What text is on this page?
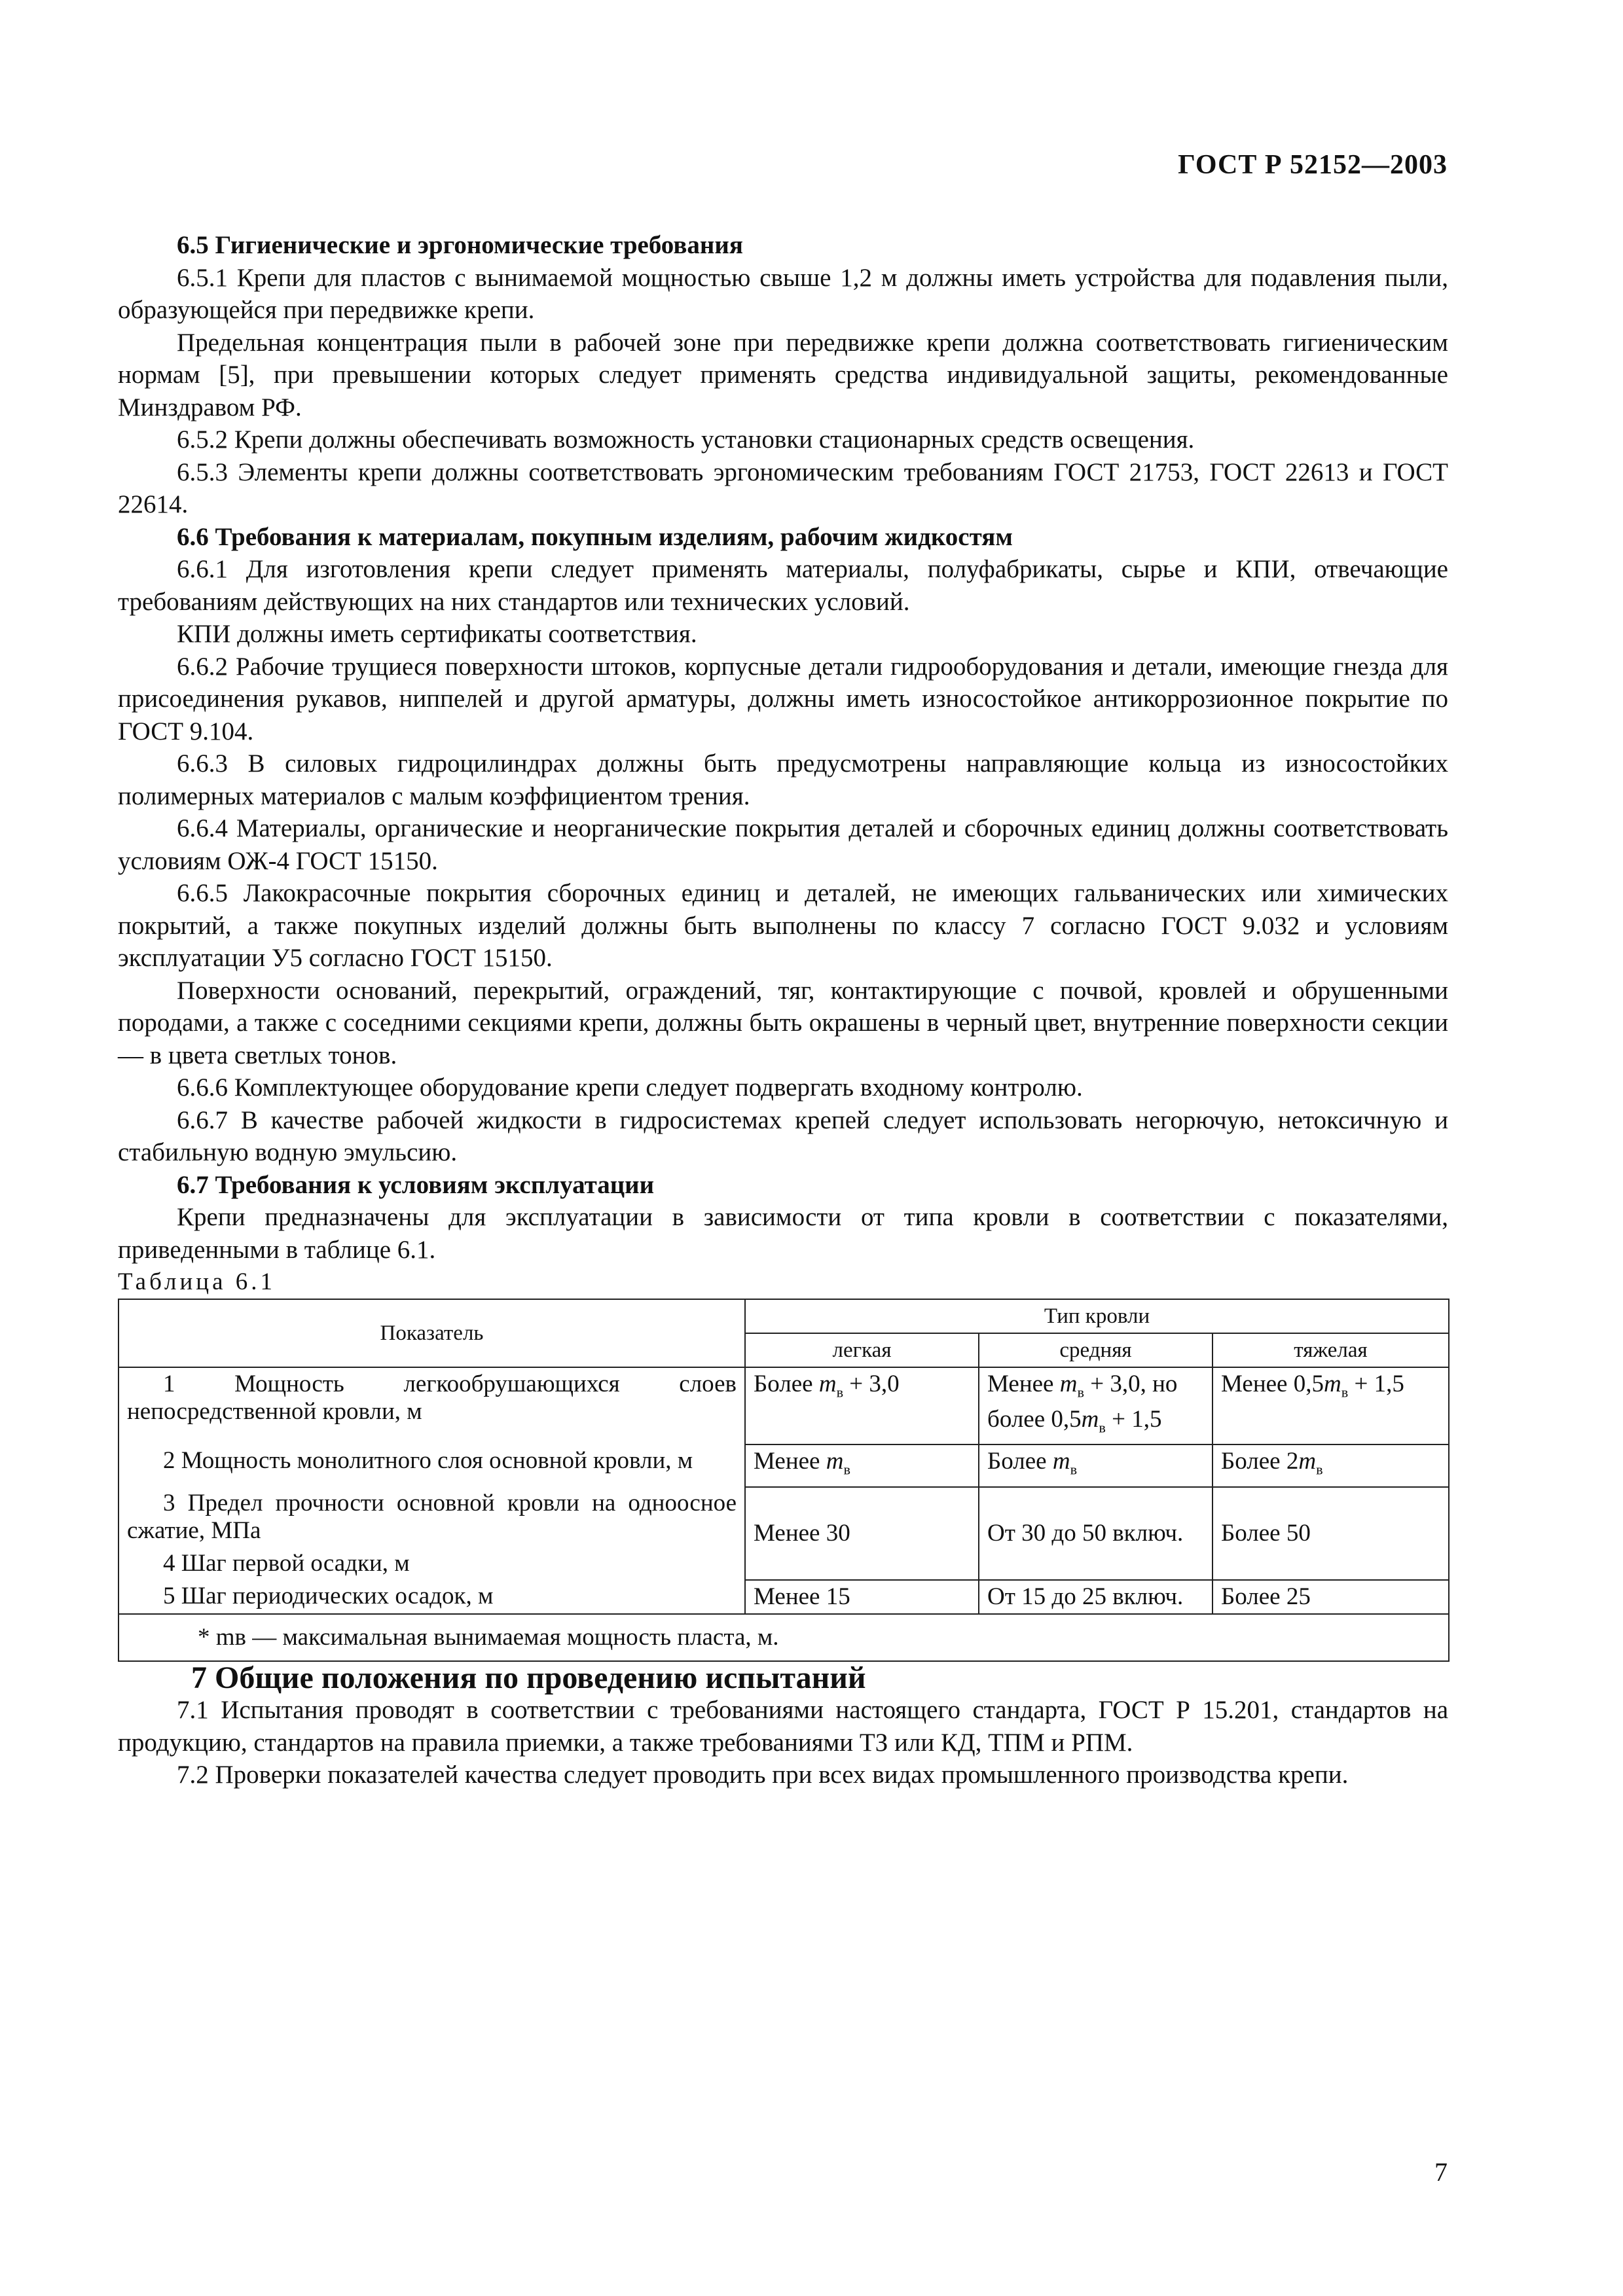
ГОСТ Р 52152—2003

6.5 Гигиенические и эргономические требования

6.5.1 Крепи для пластов с вынимаемой мощностью свыше 1,2 м должны иметь устройства для подавления пыли, образующейся при передвижке крепи.

Предельная концентрация пыли в рабочей зоне при передвижке крепи должна соответствовать гигиеническим нормам [5], при превышении которых следует применять средства индивидуальной защиты, рекомендованные Минздравом РФ.

6.5.2 Крепи должны обеспечивать возможность установки стационарных средств освещения.

6.5.3 Элементы крепи должны соответствовать эргономическим требованиям ГОСТ 21753, ГОСТ 22613 и ГОСТ 22614.

6.6 Требования к материалам, покупным изделиям, рабочим жидкостям

6.6.1 Для изготовления крепи следует применять материалы, полуфабрикаты, сырье и КПИ, отвечающие требованиям действующих на них стандартов или технических условий.

КПИ должны иметь сертификаты соответствия.

6.6.2 Рабочие трущиеся поверхности штоков, корпусные детали гидрооборудования и детали, имеющие гнезда для присоединения рукавов, ниппелей и другой арматуры, должны иметь износостойкое антикоррозионное покрытие по ГОСТ 9.104.

6.6.3 В силовых гидроцилиндрах должны быть предусмотрены направляющие кольца из износостойких полимерных материалов с малым коэффициентом трения.

6.6.4 Материалы, органические и неорганические покрытия деталей и сборочных единиц должны соответствовать условиям ОЖ-4 ГОСТ 15150.

6.6.5 Лакокрасочные покрытия сборочных единиц и деталей, не имеющих гальванических или химических покрытий, а также покупных изделий должны быть выполнены по классу 7 согласно ГОСТ 9.032 и условиям эксплуатации У5 согласно ГОСТ 15150.

Поверхности оснований, перекрытий, ограждений, тяг, контактирующие с почвой, кровлей и обрушенными породами, а также с соседними секциями крепи, должны быть окрашены в черный цвет, внутренние поверхности секции — в цвета светлых тонов.

6.6.6 Комплектующее оборудование крепи следует подвергать входному контролю.

6.6.7 В качестве рабочей жидкости в гидросистемах крепей следует использовать негорючую, нетоксичную и стабильную водную эмульсию.

6.7 Требования к условиям эксплуатации

Крепи предназначены для эксплуатации в зависимости от типа кровли в соответствии с показателями, приведенными в таблице 6.1.

Таблица 6.1

Показатель	Тип кровли		
	легкая	средняя	тяжелая
1 Мощность легкообрушающихся слоев непосредственной кровли, м	Более $m_в + 3,0$	Менее $m_в + 3,0$, но более $0,5m_в + 1,5$	Менее $0,5m_в + 1,5$
2 Мощность монолитного слоя основной кровли, м	Менее $m_в$	Более $m_в$	Более $2m_в$
3 Предел прочности основной кровли на одноосное сжатие, МПа	Менее 30	От 30 до 50 включ.	Более 50
4 Шаг первой осадки, м			
5 Шаг периодических осадок, м	Менее 15	От 15 до 25 включ.	Более 25
* mв — максимальная вынимаемая мощность пласта, м.			

7 Общие положения по проведению испытаний

7.1 Испытания проводят в соответствии с требованиями настоящего стандарта, ГОСТ Р 15.201, стандартов на продукцию, стандартов на правила приемки, а также требованиями ТЗ или КД, ТПМ и РПМ.

7.2 Проверки показателей качества следует проводить при всех видах промышленного производства крепи.

7
